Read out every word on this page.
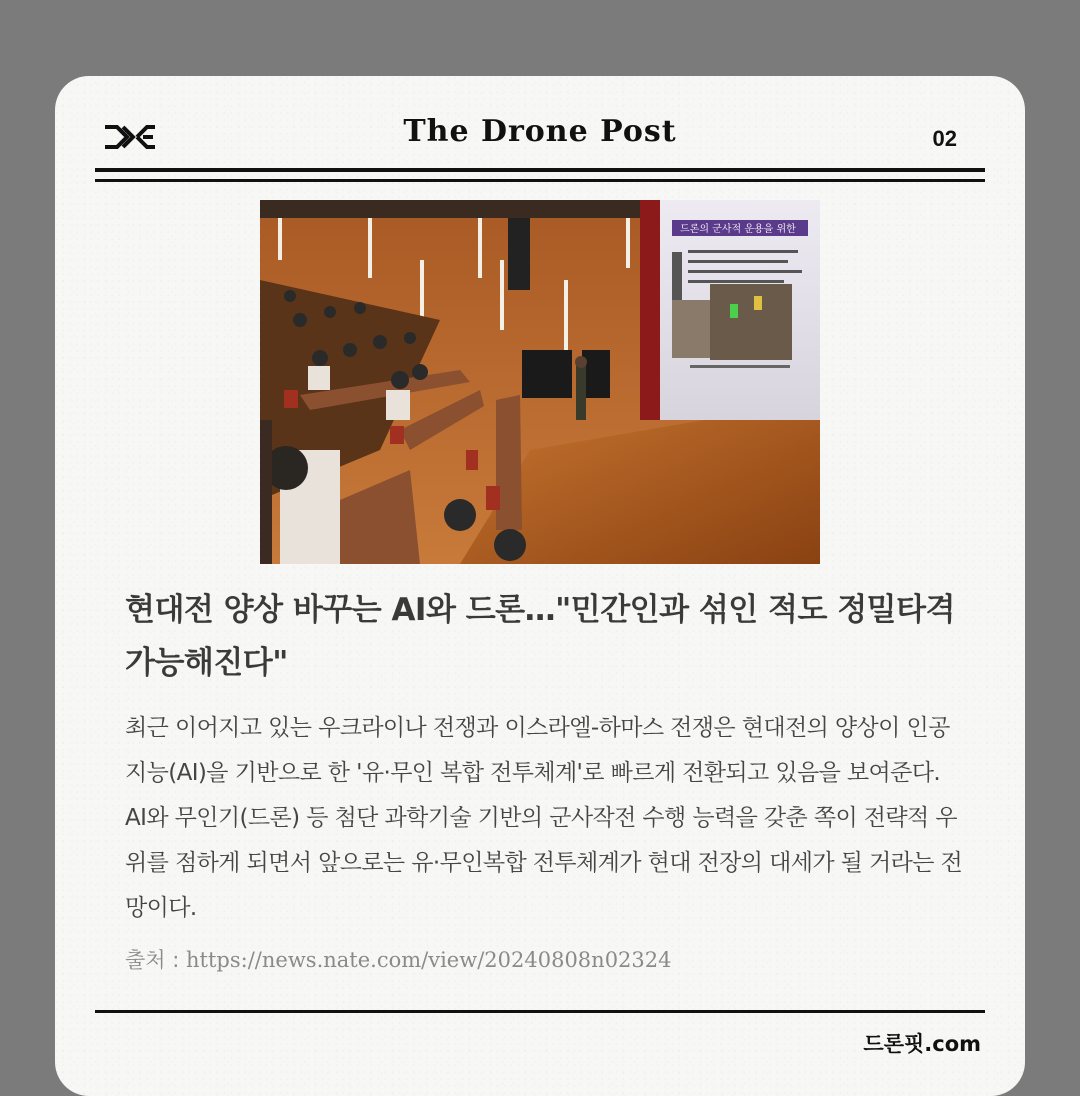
The Drone Post	02
드론의 군사적 운용을 위한
현대전 양상 바꾸는 AI와 드론…"민간인과 섞인 적도 정밀타격 가능해진다"
최근 이어지고 있는 우크라이나 전쟁과 이스라엘-하마스 전쟁은 현대전의 양상이 인공지능(AI)을 기반으로 한 '유·무인 복합 전투체계'로 빠르게 전환되고 있음을 보여준다. AI와 무인기(드론) 등 첨단 과학기술 기반의 군사작전 수행 능력을 갖춘 쪽이 전략적 우위를 점하게 되면서 앞으로는 유·무인복합 전투체계가 현대 전장의 대세가 될 거라는 전망이다.
출처 : https://news.nate.com/view/20240808n02324
드론핏.com
